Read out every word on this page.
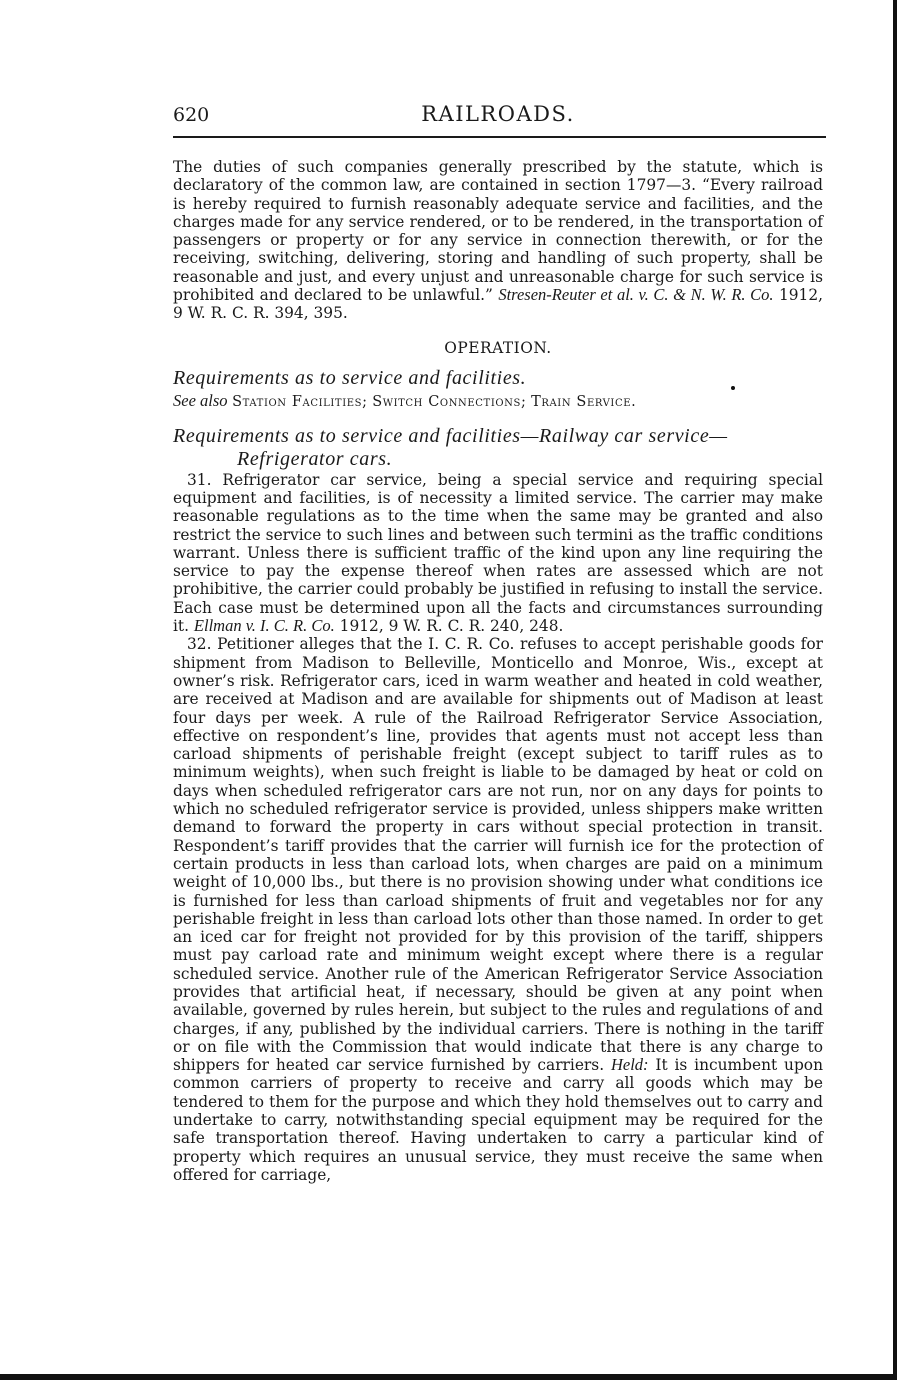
620	RAILROADS.

The duties of such companies generally prescribed by the statute, which is declaratory of the common law, are contained in section 1797—3. “Every railroad is hereby required to furnish reasonably adequate service and facilities, and the charges made for any service rendered, or to be rendered, in the transportation of passengers or property or for any service in connection therewith, or for the receiving, switching, delivering, storing and handling of such property, shall be reasonable and just, and every unjust and unreasonable charge for such service is prohibited and declared to be unlawful.” Stresen-Reuter et al. v. C. & N. W. R. Co. 1912, 9 W. R. C. R. 394, 395.

OPERATION.
Requirements as to service and facilities.
See also Station Facilities; Switch Connections; Train Service.
Requirements as to service and facilities—Railway car service—
Refrigerator cars.

31. Refrigerator car service, being a special service and requiring special equipment and facilities, is of necessity a limited service. The carrier may make reasonable regulations as to the time when the same may be granted and also restrict the service to such lines and between such termini as the traffic conditions warrant. Unless there is sufficient traffic of the kind upon any line requiring the service to pay the expense thereof when rates are assessed which are not prohibitive, the carrier could probably be justified in refusing to install the service. Each case must be determined upon all the facts and circumstances surrounding it. Ellman v. I. C. R. Co. 1912, 9 W. R. C. R. 240, 248.

32. Petitioner alleges that the I. C. R. Co. refuses to accept perishable goods for shipment from Madison to Belleville, Monticello and Monroe, Wis., except at owner’s risk. Refrigerator cars, iced in warm weather and heated in cold weather, are received at Madison and are available for shipments out of Madison at least four days per week. A rule of the Railroad Refrigerator Service Association, effective on respondent’s line, provides that agents must not accept less than carload shipments of perishable freight (except subject to tariff rules as to minimum weights), when such freight is liable to be damaged by heat or cold on days when scheduled refrigerator cars are not run, nor on any days for points to which no scheduled refrigerator service is provided, unless shippers make written demand to forward the property in cars without special protection in transit. Respondent’s tariff provides that the carrier will furnish ice for the protection of certain products in less than carload lots, when charges are paid on a minimum weight of 10,000 lbs., but there is no provision showing under what conditions ice is furnished for less than carload shipments of fruit and vegetables nor for any perishable freight in less than carload lots other than those named. In order to get an iced car for freight not provided for by this provision of the tariff, shippers must pay carload rate and minimum weight except where there is a regular scheduled service. Another rule of the American Refrigerator Service Association provides that artificial heat, if necessary, should be given at any point when available, governed by rules herein, but subject to the rules and regulations of and charges, if any, published by the individual carriers. There is nothing in the tariff or on file with the Commission that would indicate that there is any charge to shippers for heated car service furnished by carriers. Held: It is incumbent upon common carriers of property to receive and carry all goods which may be tendered to them for the purpose and which they hold themselves out to carry and undertake to carry, notwithstanding special equipment may be required for the safe transportation thereof. Having undertaken to carry a particular kind of property which requires an unusual service, they must receive the same when offered for carriage,
